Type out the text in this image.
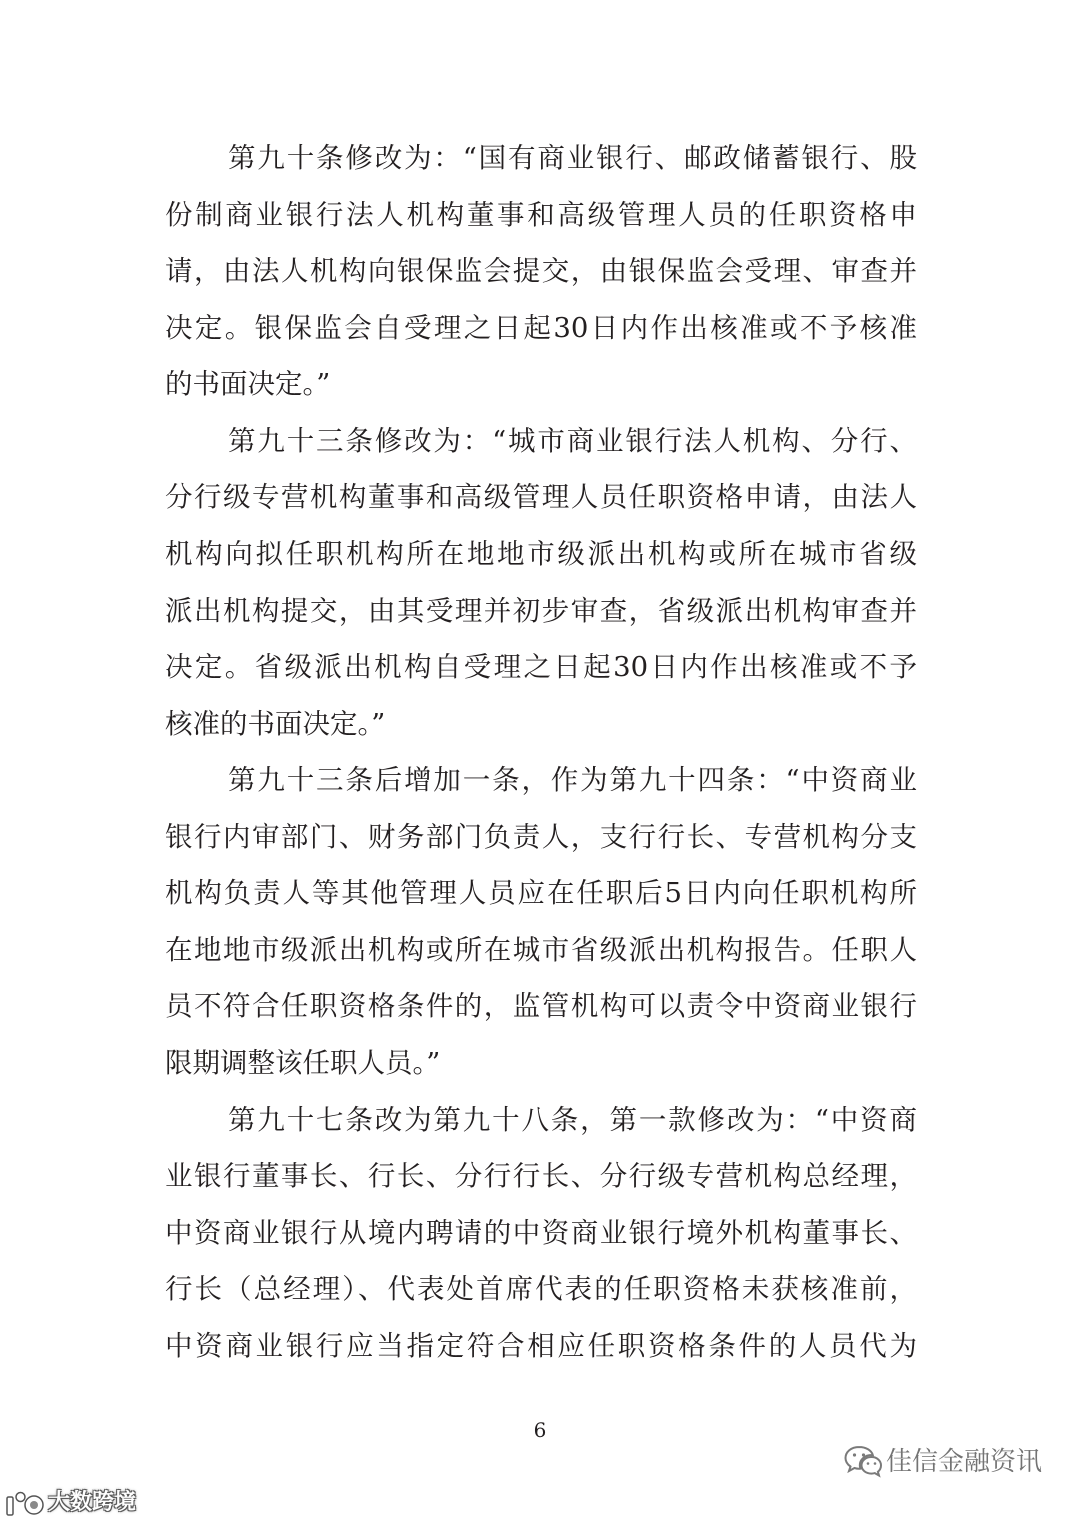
第九十条修改为：“国有商业银行、邮政储蓄银行、股
份制商业银行法人机构董事和高级管理人员的任职资格申
请，由法人机构向银保监会提交，由银保监会受理、审查并
决定。银保监会自受理之日起30日内作出核准或不予核准
的书面决定。”
第九十三条修改为：“城市商业银行法人机构、分行、
分行级专营机构董事和高级管理人员任职资格申请，由法人
机构向拟任职机构所在地地市级派出机构或所在城市省级
派出机构提交，由其受理并初步审查，省级派出机构审查并
决定。省级派出机构自受理之日起30日内作出核准或不予
核准的书面决定。”
第九十三条后增加一条，作为第九十四条：“中资商业
银行内审部门、财务部门负责人，支行行长、专营机构分支
机构负责人等其他管理人员应在任职后5日内向任职机构所
在地地市级派出机构或所在城市省级派出机构报告。任职人
员不符合任职资格条件的，监管机构可以责令中资商业银行
限期调整该任职人员。”
第九十七条改为第九十八条，第一款修改为：“中资商
业银行董事长、行长、分行行长、分行级专营机构总经理，
中资商业银行从境内聘请的中资商业银行境外机构董事长、
行长（总经理）、代表处首席代表的任职资格未获核准前，
中资商业银行应当指定符合相应任职资格条件的人员代为
6
佳信金融资讯
大数跨境
